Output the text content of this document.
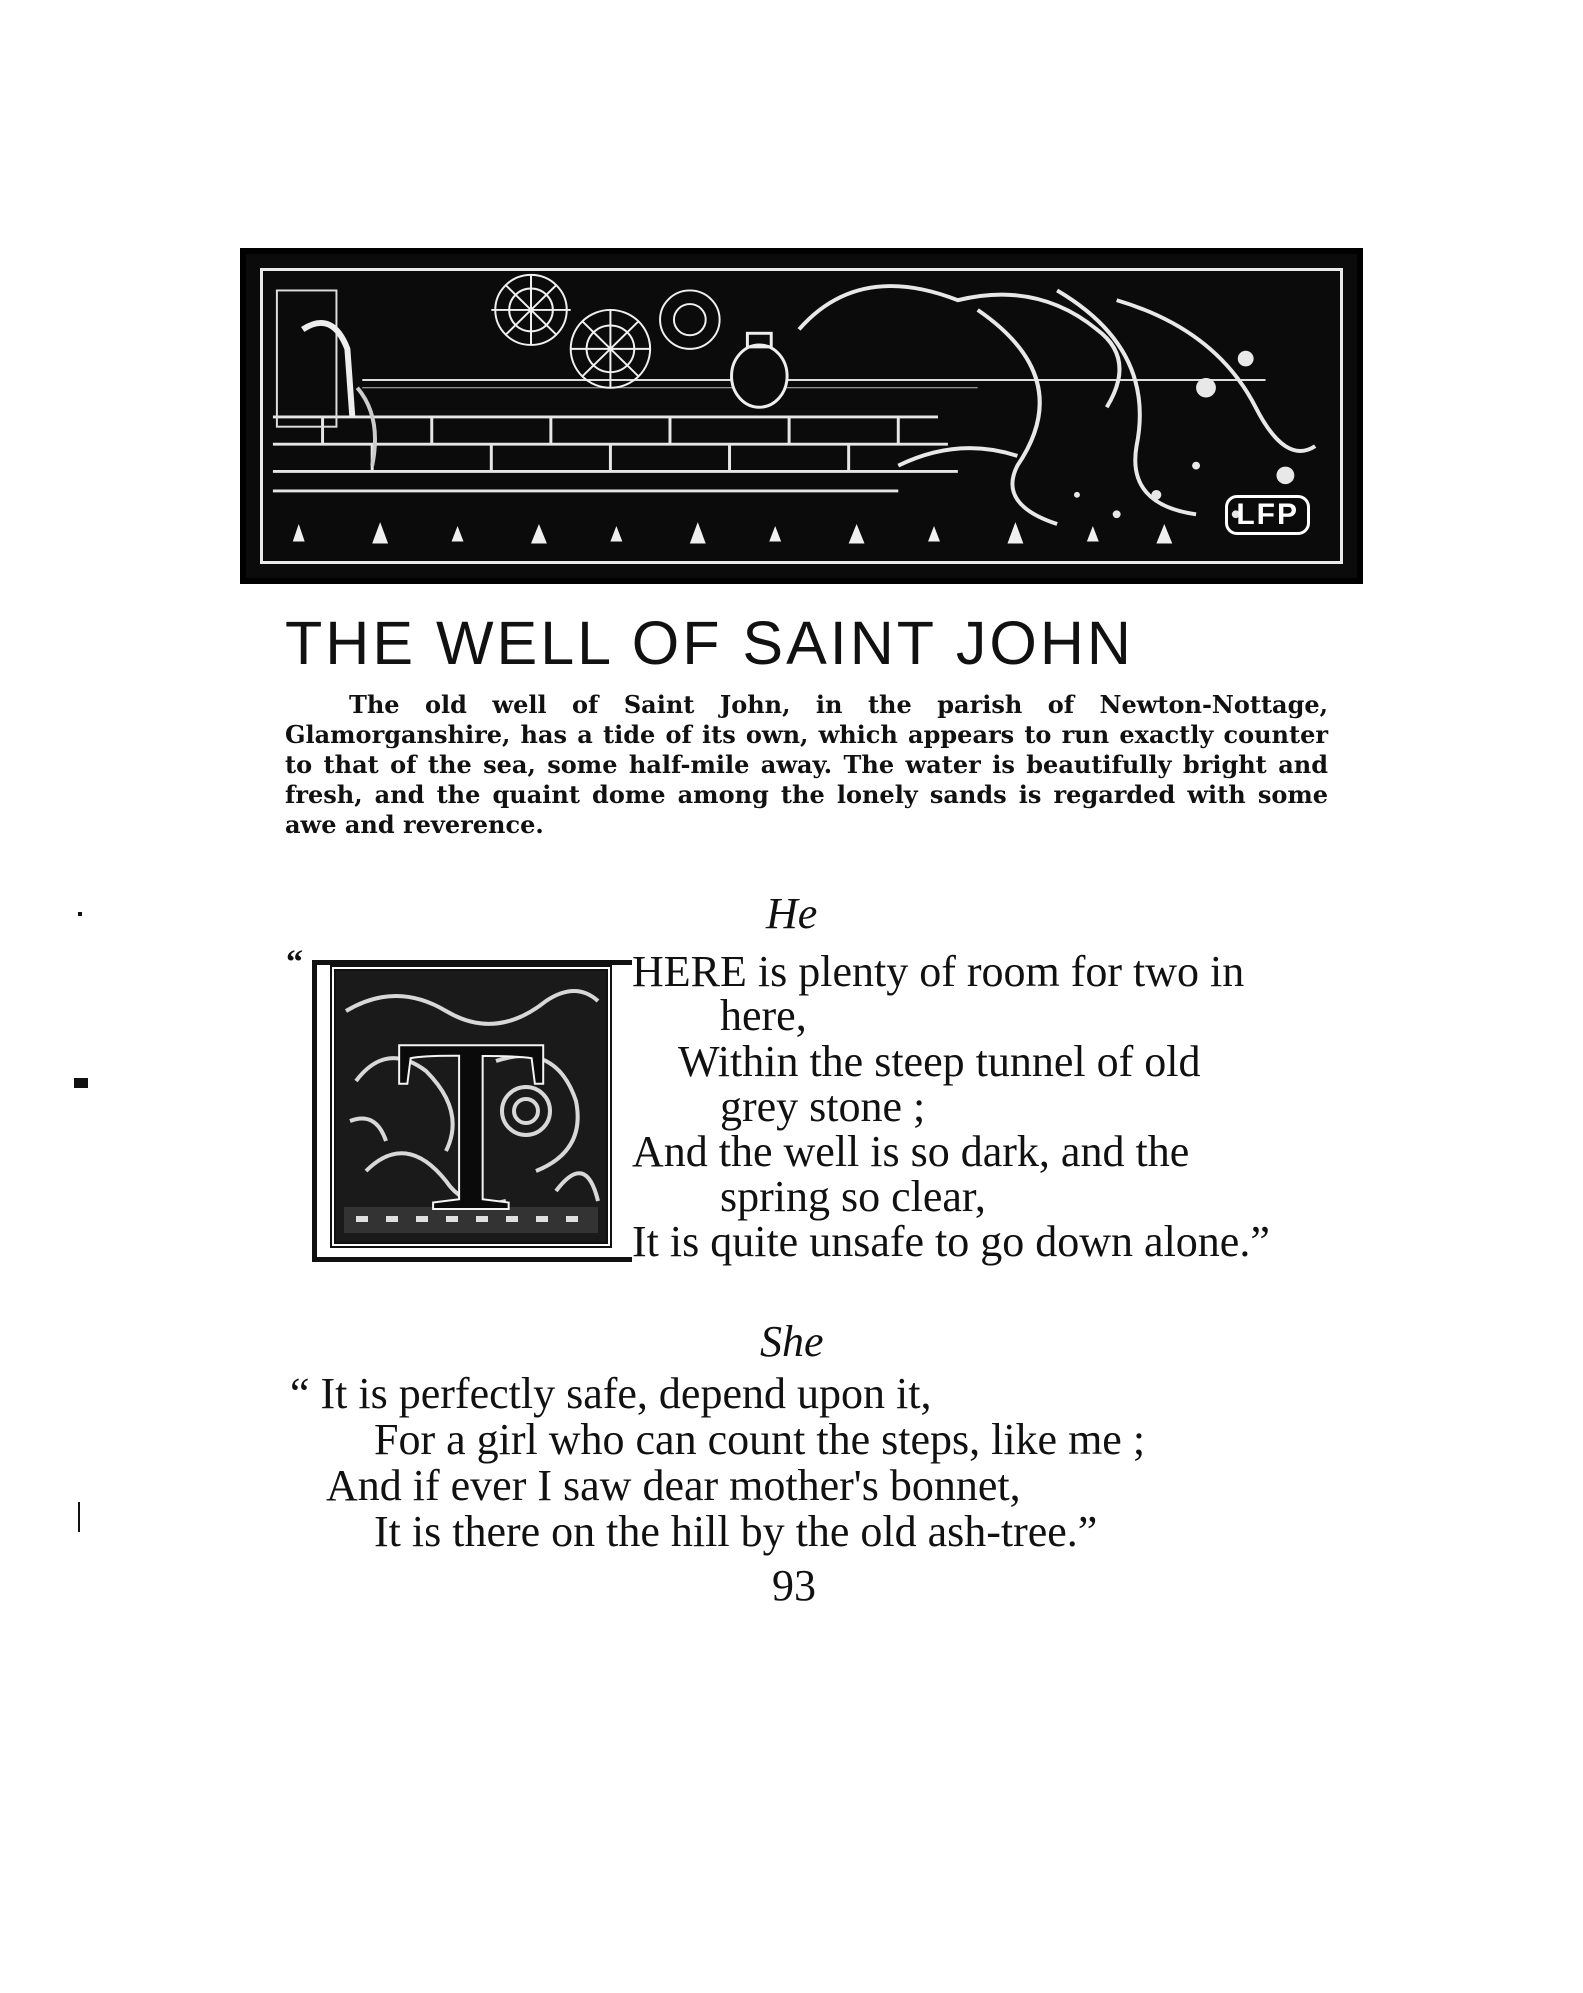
LFP
THE WELL OF SAINT JOHN

The old well of Saint John, in the parish of Newton-Nottage, Glamorganshire, has a tide of its own, which appears to run exactly counter to that of the sea, some half-mile away. The water is beautifully bright and fresh, and the quaint dome among the lonely sands is regarded with some awe and reverence.

He
“
T
HERE is plenty of room for two in
here,
Within the steep tunnel of old
grey stone ;
And the well is so dark, and the
spring so clear,
It is quite unsafe to go down alone.”
She
“ It is perfectly safe, depend upon it,
For a girl who can count the steps, like me ;
And if ever I saw dear mother's bonnet,
It is there on the hill by the old ash-tree.”
93
